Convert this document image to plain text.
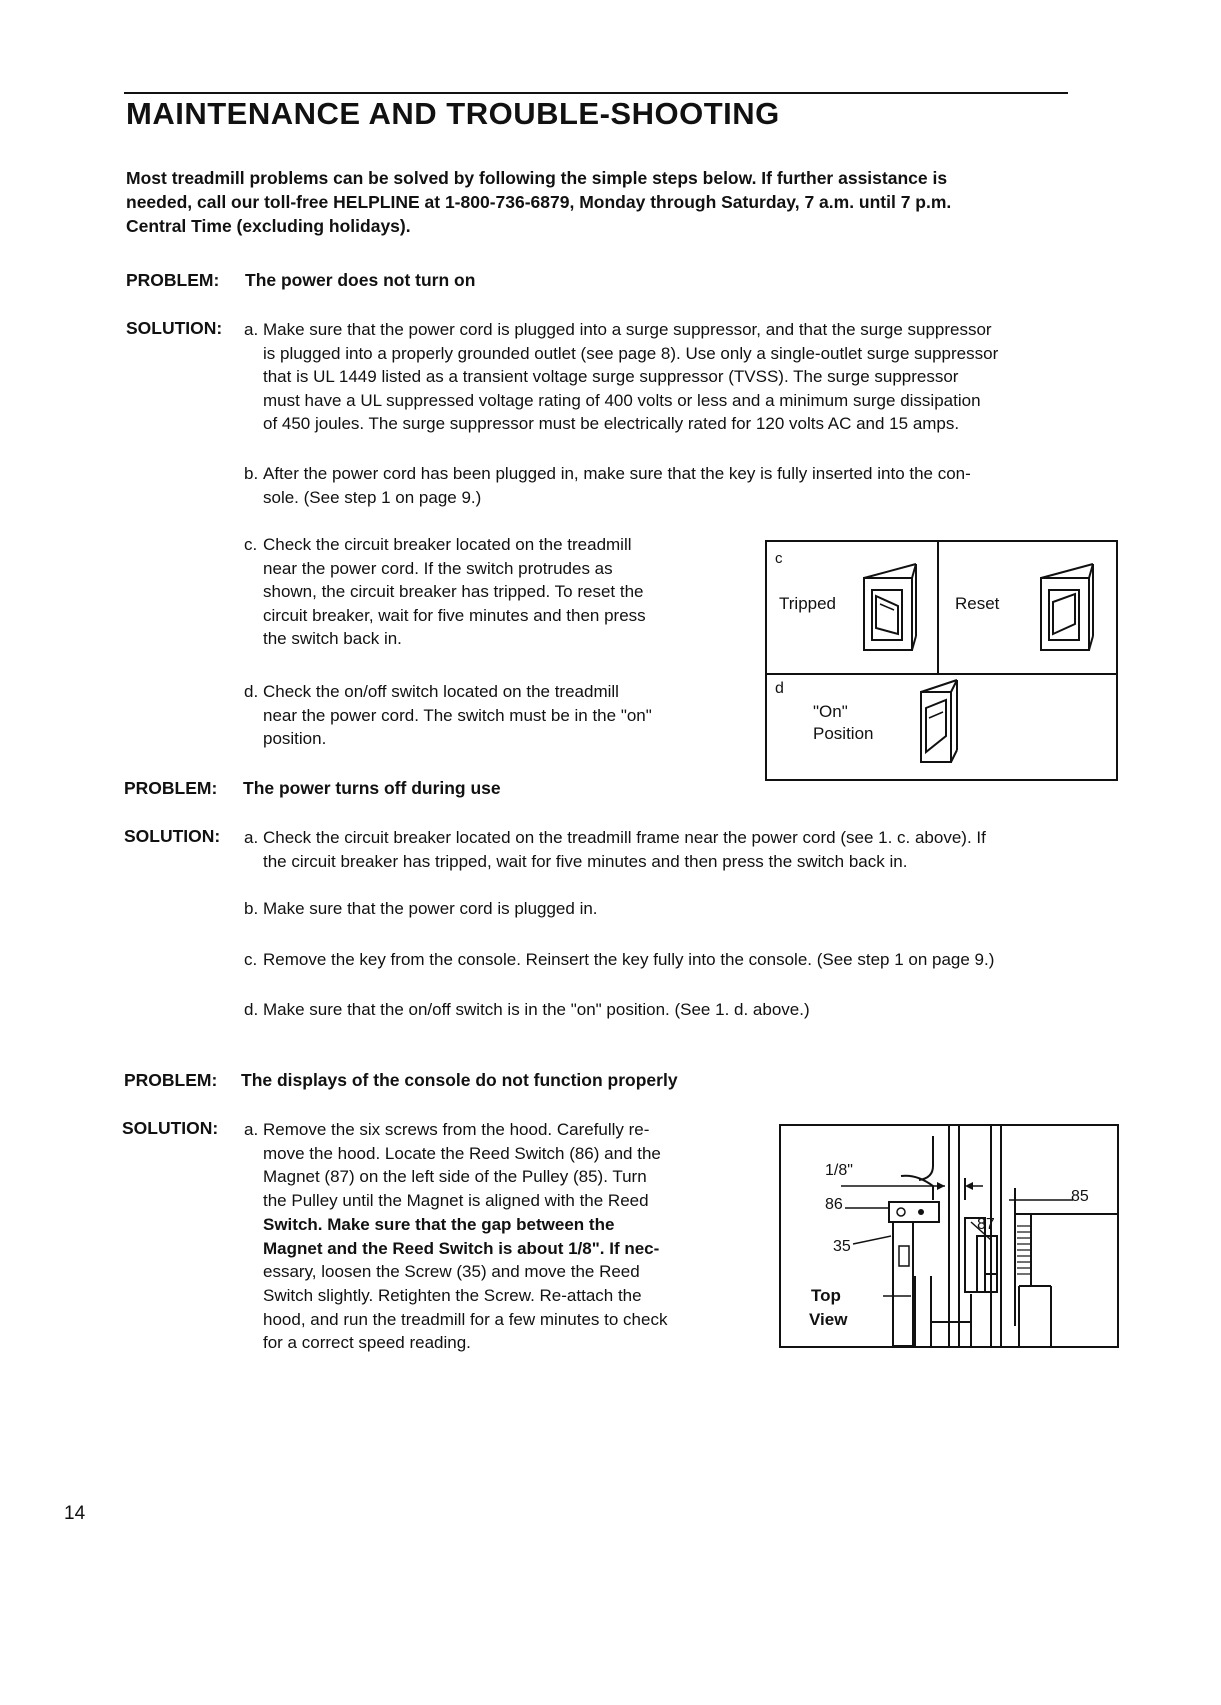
MAINTENANCE AND TROUBLE-SHOOTING

Most treadmill problems can be solved by following the simple steps below. If further assistance is

needed, call our toll-free HELPLINE at 1-800-736-6879, Monday through Saturday, 7 a.m. until 7 p.m.

Central Time (excluding holidays).

PROBLEM: The power does not turn on
SOLUTION: a. Make sure that the power cord is plugged into a surge suppressor, and that the surge suppressor
is plugged into a properly grounded outlet (see page 8). Use only a single-outlet surge suppressor
that is UL 1449 listed as a transient voltage surge suppressor (TVSS). The surge suppressor
must have a UL suppressed voltage rating of 400 volts or less and a minimum surge dissipation
of 450 joules. The surge suppressor must be electrically rated for 120 volts AC and 15 amps.
b. After the power cord has been plugged in, make sure that the key is fully inserted into the con-
sole. (See step 1 on page 9.)
c. Check the circuit breaker located on the treadmill
near the power cord. If the switch protrudes as
shown, the circuit breaker has tripped. To reset the
circuit breaker, wait for five minutes and then press
the switch back in.
d. Check the on/off switch located on the treadmill
near the power cord. The switch must be in the "on"
position.
c
Tripped	Reset
d
"On"
Position
PROBLEM: The power turns off during use
SOLUTION: a. Check the circuit breaker located on the treadmill frame near the power cord (see 1. c. above). If
the circuit breaker has tripped, wait for five minutes and then press the switch back in.
b. Make sure that the power cord is plugged in.
c. Remove the key from the console. Reinsert the key fully into the console. (See step 1 on page 9.)
d. Make sure that the on/off switch is in the "on" position. (See 1. d. above.)
PROBLEM: The displays of the console do not function properly
SOLUTION: a. Remove the six screws from the hood. Carefully re-
move the hood. Locate the Reed Switch (86) and the
Magnet (87) on the left side of the Pulley (85). Turn
the Pulley until the Magnet is aligned with the Reed
Switch. Make sure that the gap between the
Magnet and the Reed Switch is about 1/8". If nec-
essary, loosen the Screw (35) and move the Reed
Switch slightly. Retighten the Screw. Re-attach the
hood, and run the treadmill for a few minutes to check
for a correct speed reading.
1/8"
86	85
87
35
Top
View
14
